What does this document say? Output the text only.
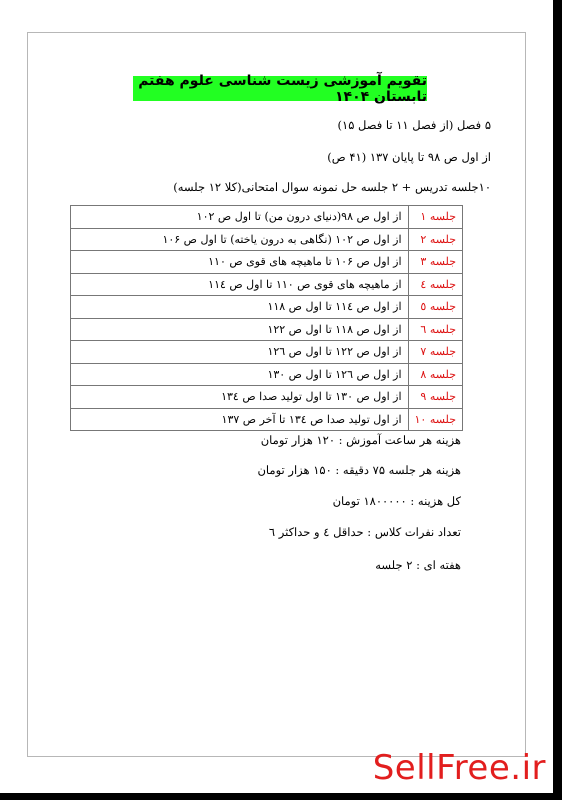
تقویم آموزشی زیست شناسی علوم هفتم تابستان ۱۴۰۴
۵ فصل (از فصل ۱۱ تا فصل ۱۵)
از اول ص ۹۸ تا پایان ۱۳۷ (۴۱ ص)
۱۰جلسه تدریس + ۲ جلسه حل نمونه سوال امتحانی(کلا ۱۲ جلسه)
جلسه ۱	از اول ص ۹۸(دنیای درون من) تا اول ص ۱۰۲
جلسه ۲	از اول ص ۱۰۲ (نگاهی به درون یاخته) تا اول ص ۱۰۶
جلسه ۳	از اول ص ۱۰۶ تا ماهیچه های قوی ص ۱۱۰
جلسه ٤	از ماهیچه های قوی ص ۱۱۰ تا اول ص ۱۱٤
جلسه ٥	از اول ص ۱۱٤ تا اول ص ۱۱۸
جلسه ٦	از اول ص ۱۱۸ تا اول ص ۱۲۲
جلسه ۷	از اول ص ۱۲۲ تا اول ص ۱۲٦
جلسه ۸	از اول ص ۱۲٦ تا اول ص ۱۳۰
جلسه ۹	از اول ص ۱۳۰ تا اول تولید صدا ص ۱۳٤
جلسه ۱۰	از اول تولید صدا ص ۱۳٤ تا آخر ص ۱۳۷
هزینه هر ساعت آموزش : ۱۲۰ هزار تومان
هزینه هر جلسه ۷۵ دقیقه : ۱۵۰ هزار تومان
کل هزینه : ۱۸۰۰۰۰۰ تومان
تعداد نفرات کلاس : حداقل ٤ و حداکثر ٦
هفته ای : ۲ جلسه
SellFree.ir
